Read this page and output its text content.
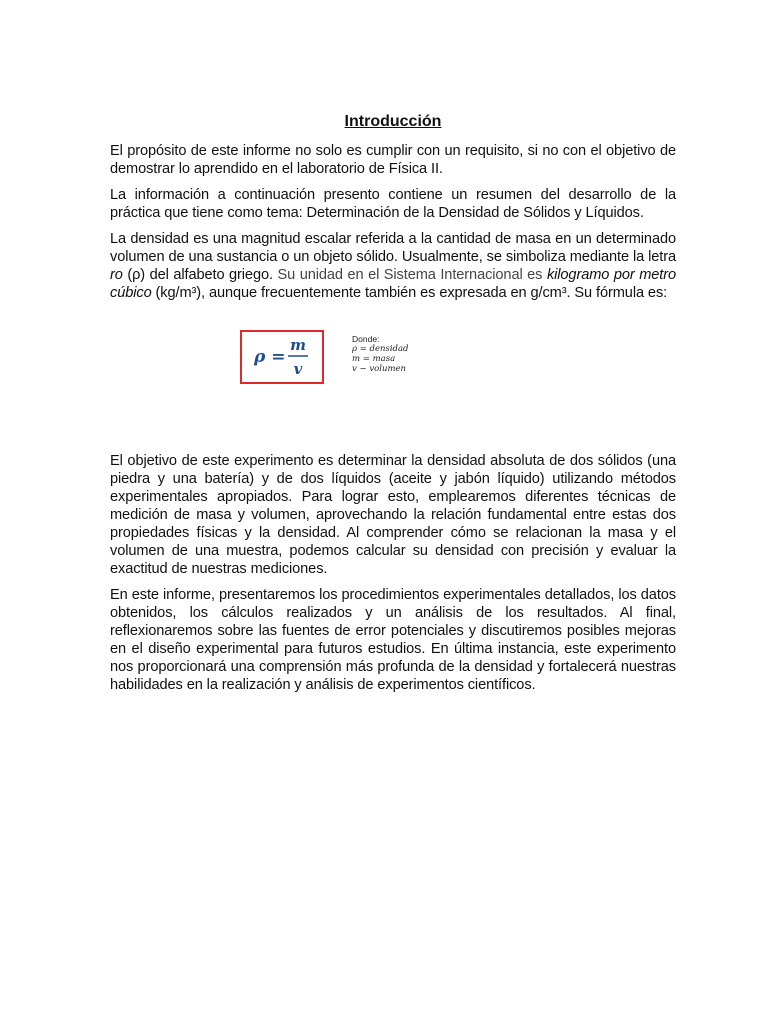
Introducción

El propósito de este informe no solo es cumplir con un requisito, si no con el objetivo de demostrar lo aprendido en el laboratorio de Física II.

La información a continuación presento contiene un resumen del desarrollo de la práctica que tiene como tema: Determinación de la Densidad de Sólidos y Líquidos.

La densidad es una magnitud escalar referida a la cantidad de masa en un determinado volumen de una sustancia o un objeto sólido. Usualmente, se simboliza mediante la letra ro (ρ) del alfabeto griego. Su unidad en el Sistema Internacional es kilogramo por metro cúbico (kg/m³), aunque frecuentemente también es expresada en g/cm³. Su fórmula es:

ρ =
m
v
Donde:
ρ = densidad
m = masa
v − volumen

El objetivo de este experimento es determinar la densidad absoluta de dos sólidos (una piedra y una batería) y de dos líquidos (aceite y jabón líquido) utilizando métodos experimentales apropiados. Para lograr esto, emplearemos diferentes técnicas de medición de masa y volumen, aprovechando la relación fundamental entre estas dos propiedades físicas y la densidad. Al comprender cómo se relacionan la masa y el volumen de una muestra, podemos calcular su densidad con precisión y evaluar la exactitud de nuestras mediciones.

En este informe, presentaremos los procedimientos experimentales detallados, los datos obtenidos, los cálculos realizados y un análisis de los resultados. Al final, reflexionaremos sobre las fuentes de error potenciales y discutiremos posibles mejoras en el diseño experimental para futuros estudios. En última instancia, este experimento nos proporcionará una comprensión más profunda de la densidad y fortalecerá nuestras habilidades en la realización y análisis de experimentos científicos.
